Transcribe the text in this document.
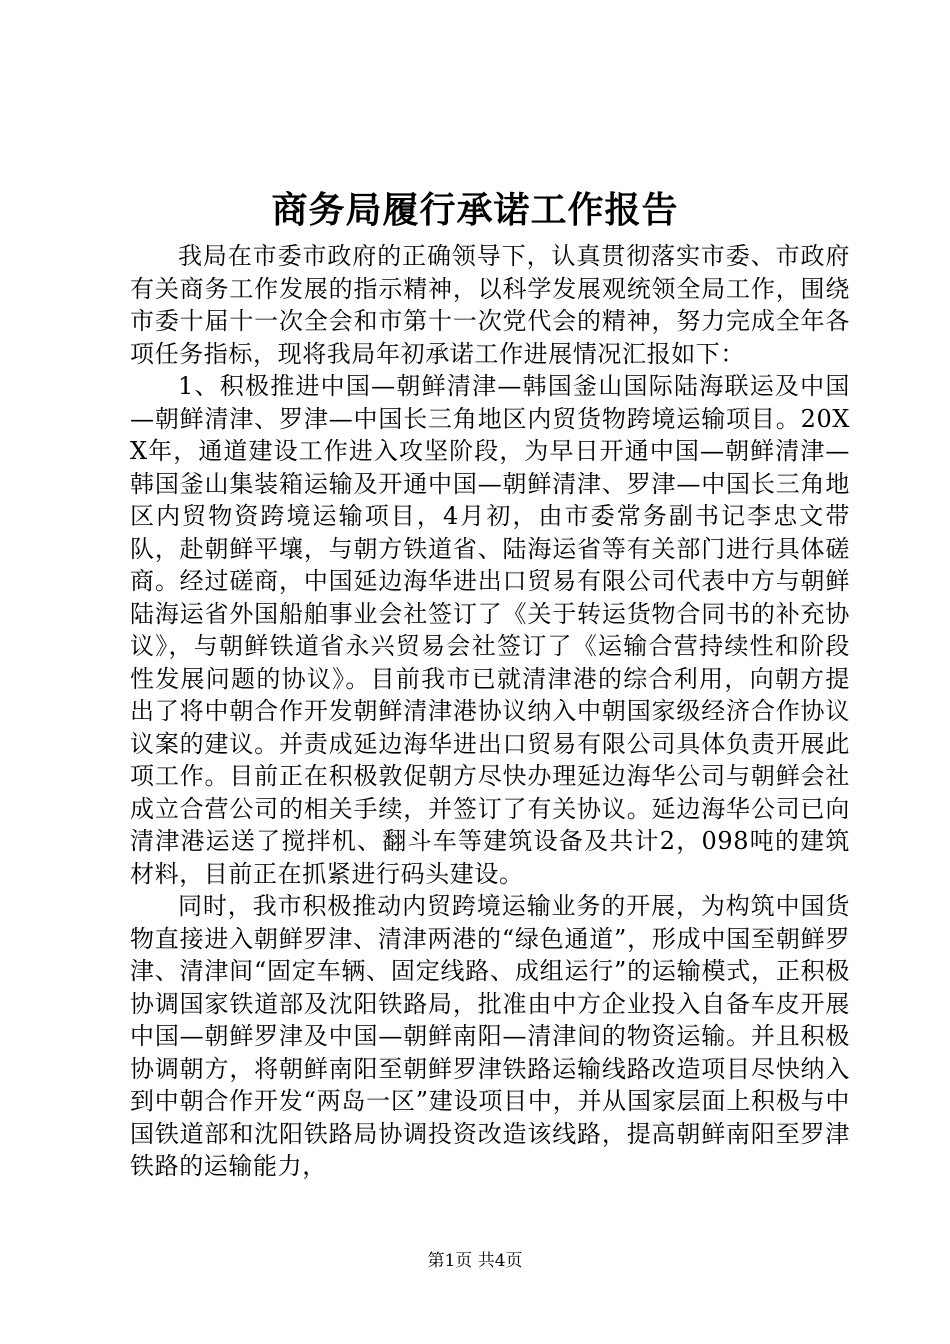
商务局履行承诺工作报告

我局在市委市政府的正确领导下，认真贯彻落实市委、市政府有关商务工作发展的指示精神，以科学发展观统领全局工作，围绕市委十届十一次全会和市第十一次党代会的精神，努力完成全年各项任务指标，现将我局年初承诺工作进展情况汇报如下：

1、积极推进中国—朝鲜清津—韩国釜山国际陆海联运及中国—朝鲜清津、罗津—中国长三角地区内贸货物跨境运输项目。20XX年，通道建设工作进入攻坚阶段，为早日开通中国—朝鲜清津—韩国釜山集装箱运输及开通中国—朝鲜清津、罗津—中国长三角地区内贸物资跨境运输项目，4月初，由市委常务副书记李忠文带队，赴朝鲜平壤，与朝方铁道省、陆海运省等有关部门进行具体磋商。经过磋商，中国延边海华进出口贸易有限公司代表中方与朝鲜陆海运省外国船舶事业会社签订了《关于转运货物合同书的补充协议》，与朝鲜铁道省永兴贸易会社签订了《运输合营持续性和阶段性发展问题的协议》。目前我市已就清津港的综合利用，向朝方提出了将中朝合作开发朝鲜清津港协议纳入中朝国家级经济合作协议议案的建议。并责成延边海华进出口贸易有限公司具体负责开展此项工作。目前正在积极敦促朝方尽快办理延边海华公司与朝鲜会社成立合营公司的相关手续，并签订了有关协议。延边海华公司已向清津港运送了搅拌机、翻斗车等建筑设备及共计2，098吨的建筑材料，目前正在抓紧进行码头建设。

同时，我市积极推动内贸跨境运输业务的开展，为构筑中国货物直接进入朝鲜罗津、清津两港的“绿色通道”，形成中国至朝鲜罗津、清津间“固定车辆、固定线路、成组运行”的运输模式，正积极协调国家铁道部及沈阳铁路局，批准由中方企业投入自备车皮开展中国—朝鲜罗津及中国—朝鲜南阳—清津间的物资运输。并且积极协调朝方，将朝鲜南阳至朝鲜罗津铁路运输线路改造项目尽快纳入到中朝合作开发“两岛一区”建设项目中，并从国家层面上积极与中国铁道部和沈阳铁路局协调投资改造该线路，提高朝鲜南阳至罗津铁路的运输能力，

第1页 共4页
